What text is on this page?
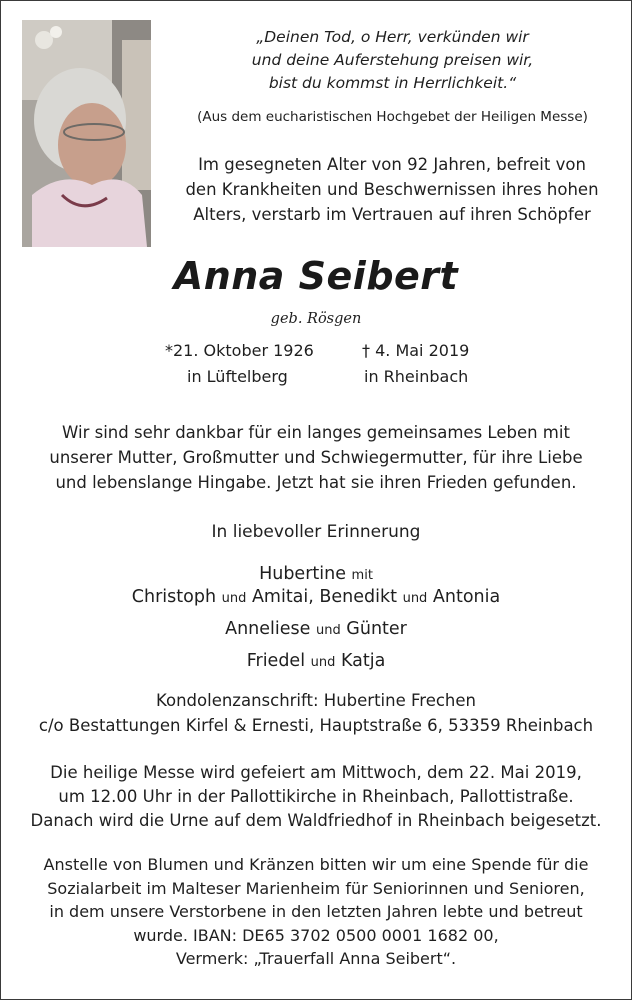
„Deinen Tod, o Herr, verkünden wir
und deine Auferstehung preisen wir,
bist du kommst in Herrlichkeit.“
(Aus dem eucharistischen Hochgebet der Heiligen Messe)
Im gesegneten Alter von 92 Jahren, befreit von
den Krankheiten und Beschwernissen ihres hohen
Alters, verstarb im Vertrauen auf ihren Schöpfer
Anna Seibert
geb. Rösgen
*21. Oktober 1926
in Lüftelberg
† 4. Mai 2019
in Rheinbach
Wir sind sehr dankbar für ein langes gemeinsames Leben mit
unserer Mutter, Großmutter und Schwiegermutter, für ihre Liebe
und lebenslange Hingabe. Jetzt hat sie ihren Frieden gefunden.
In liebevoller Erinnerung
Hubertine mit
Christoph und Amitai, Benedikt und Antonia
Anneliese und Günter
Friedel und Katja
Kondolenzanschrift: Hubertine Frechen
c/o Bestattungen Kirfel & Ernesti, Hauptstraße 6, 53359 Rheinbach
Die heilige Messe wird gefeiert am Mittwoch, dem 22. Mai 2019,
um 12.00 Uhr in der Pallottikirche in Rheinbach, Pallottistraße.
Danach wird die Urne auf dem Waldfriedhof in Rheinbach beigesetzt.
Anstelle von Blumen und Kränzen bitten wir um eine Spende für die
Sozialarbeit im Malteser Marienheim für Seniorinnen und Senioren,
in dem unsere Verstorbene in den letzten Jahren lebte und betreut
wurde. IBAN: DE65 3702 0500 0001 1682 00,
Vermerk: „Trauerfall Anna Seibert“.
